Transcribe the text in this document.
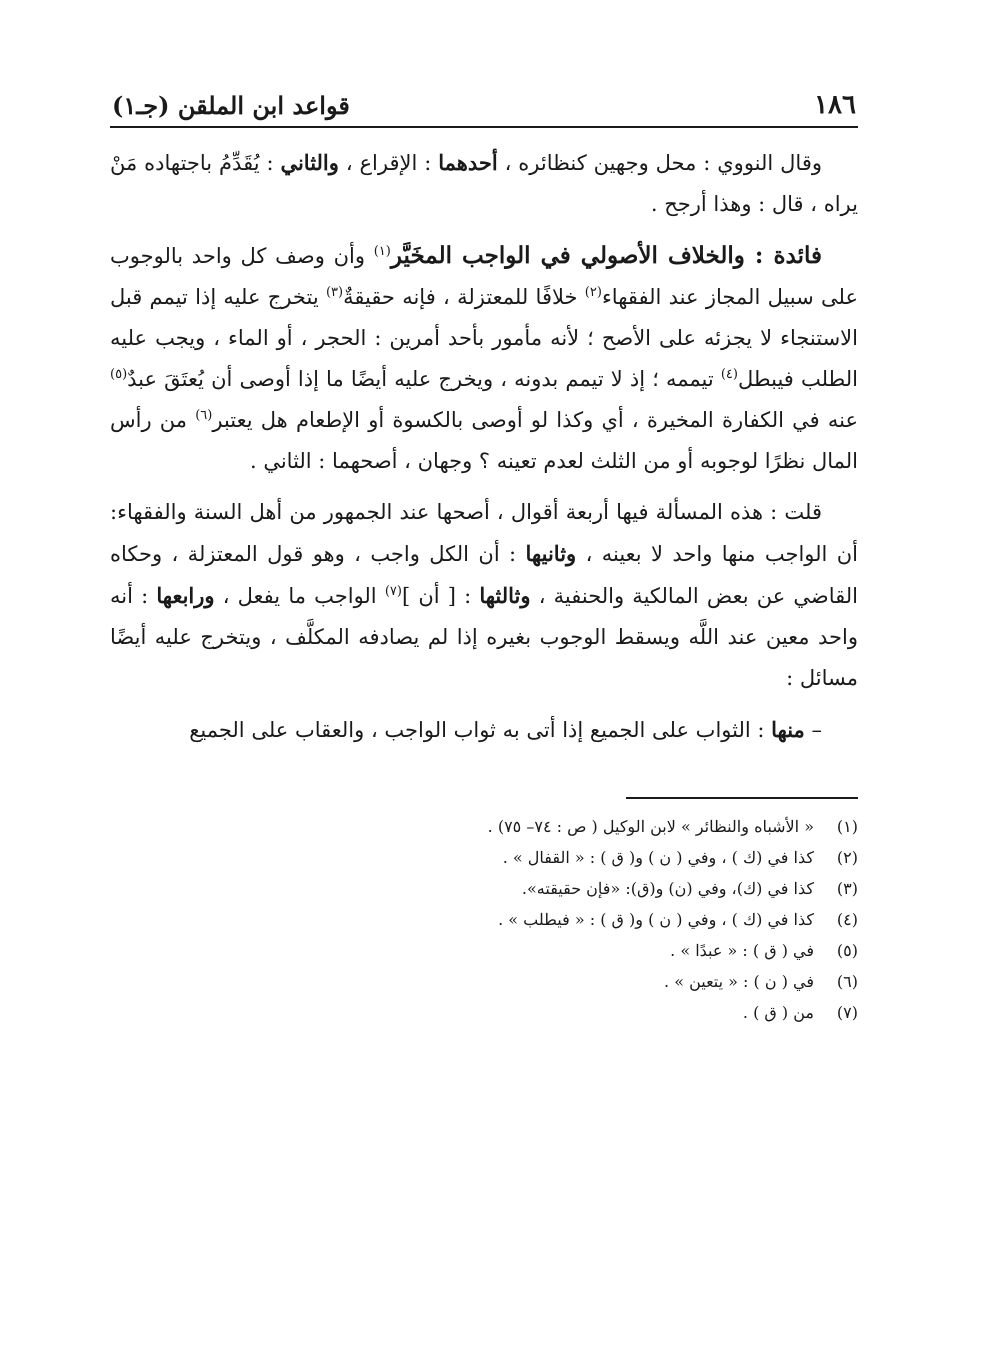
١٨٦
قواعد ابن الملقن (جـ١)

وقال النووي : محل وجهين كنظائره ، أحدهما : الإقراع ، والثاني : يُقَدِّمُ باجتهاده مَنْ يراه ، قال : وهذا أرجح .

فائدة : والخلاف الأصولي في الواجب المخَيَّر$^{(١)}$ وأن وصف كل واحد بالوجوب على سبيل المجاز عند الفقهاء$^{(٢)}$ خلافًا للمعتزلة ، فإنه حقيقةٌ$^{(٣)}$ يتخرج عليه إذا تيمم قبل الاستنجاء لا يجزئه على الأصح ؛ لأنه مأمور بأحد أمرين : الحجر ، أو الماء ، ويجب عليه الطلب فيبطل$^{(٤)}$ تيممه ؛ إذ لا تيمم بدونه ، ويخرج عليه أيضًا ما إذا أوصى أن يُعتَقَ عبدٌ$^{(٥)}$ عنه في الكفارة المخيرة ، أي وكذا لو أوصى بالكسوة أو الإطعام هل يعتبر$^{(٦)}$ من رأس المال نظرًا لوجوبه أو من الثلث لعدم تعينه ؟ وجهان ، أصحهما : الثاني .

قلت : هذه المسألة فيها أربعة أقوال ، أصحها عند الجمهور من أهل السنة والفقهاء: أن الواجب منها واحد لا بعينه ، وثانيها : أن الكل واجب ، وهو قول المعتزلة ، وحكاه القاضي عن بعض المالكية والحنفية ، وثالثها : [ أن ]$^{(٧)}$ الواجب ما يفعل ، ورابعها : أنه واحد معين عند اللَّه ويسقط الوجوب بغيره إذا لم يصادفه المكلَّف ، ويتخرج عليه أيضًا مسائل :

– منها : الثواب على الجميع إذا أتى به ثواب الواجب ، والعقاب على الجميع

(١)
« الأشباه والنظائر » لابن الوكيل ( ص : ٧٤– ٧٥) .
(٢)
كذا في (ك ) ، وفي ( ن ) و( ق ) : « القفال » .
(٣)
كذا في (ك)، وفي (ن) و(ق): «فإن حقيقته».
(٤)
كذا في (ك ) ، وفي ( ن ) و( ق ) : « فيطلب » .
(٥)
في ( ق ) : « عبدًا » .
(٦)
في ( ن ) : « يتعين » .
(٧)
من ( ق ) .
